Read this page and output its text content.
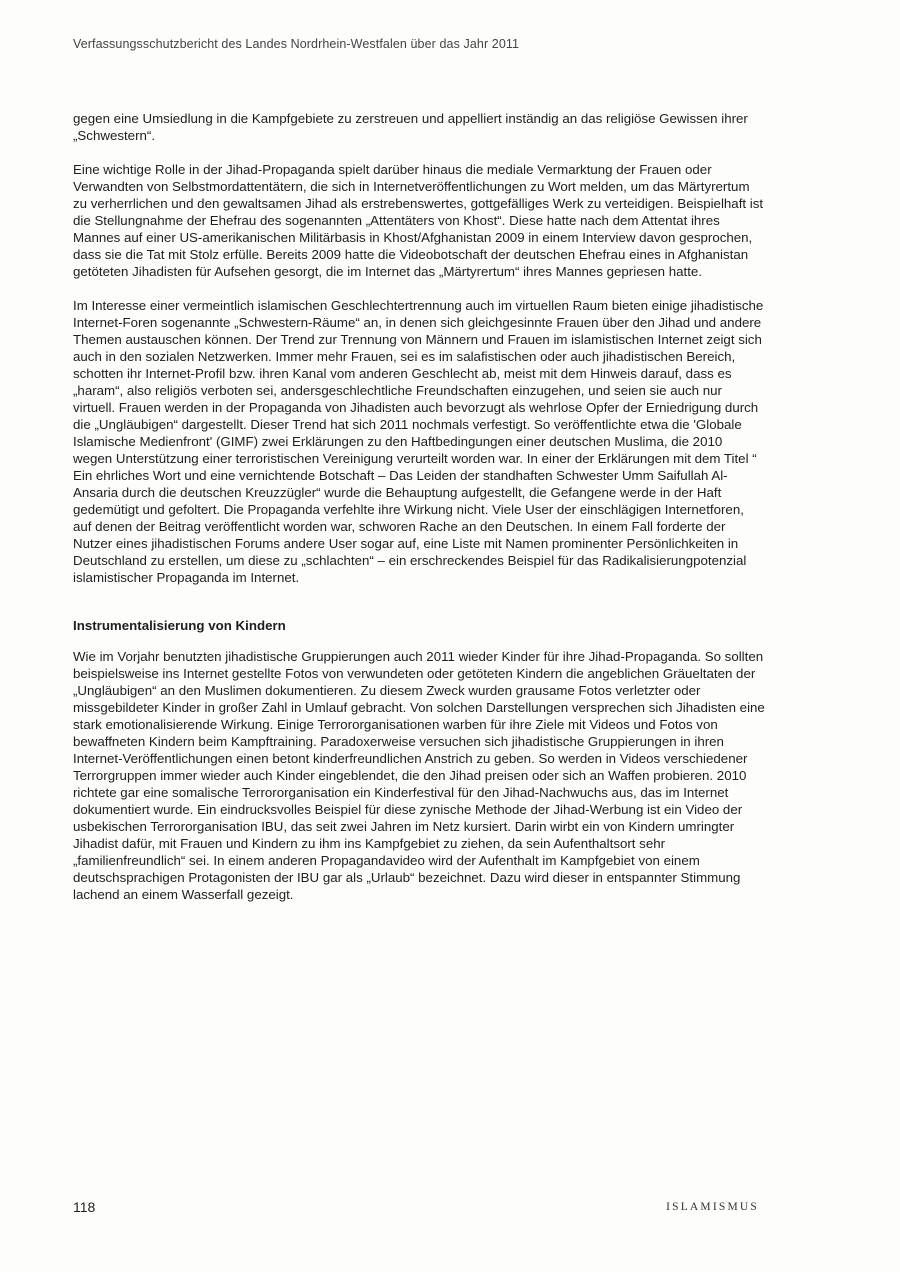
Verfassungsschutzbericht des Landes Nordrhein-Westfalen über das Jahr 2011

gegen eine Umsiedlung in die Kampfgebiete zu zerstreuen und appelliert inständig an das religiöse Gewissen ihrer „Schwestern“.

Eine wichtige Rolle in der Jihad-Propaganda spielt darüber hinaus die mediale Vermarktung der Frauen oder Verwandten von Selbstmordattentätern, die sich in Internetveröffentlichungen zu Wort melden, um das Märtyrertum zu verherrlichen und den gewaltsamen Jihad als erstrebenswertes, gottgefälliges Werk zu verteidigen. Beispielhaft ist die Stellungnahme der Ehefrau des sogenannten „Attentäters von Khost“. Diese hatte nach dem Attentat ihres Mannes auf einer US-amerikanischen Militärbasis in Khost/Afghanistan 2009 in einem Interview davon gesprochen, dass sie die Tat mit Stolz erfülle. Bereits 2009 hatte die Videobotschaft der deutschen Ehefrau eines in Afghanistan getöteten Jihadisten für Aufsehen gesorgt, die im Internet das „Märtyrertum“ ihres Mannes gepriesen hatte.

Im Interesse einer vermeintlich islamischen Geschlechtertrennung auch im virtuellen Raum bieten einige jihadistische Internet-Foren sogenannte „Schwestern-Räume“ an, in denen sich gleichgesinnte Frauen über den Jihad und andere Themen austauschen können. Der Trend zur Trennung von Männern und Frauen im islamistischen Internet zeigt sich auch in den sozialen Netzwerken. Immer mehr Frauen, sei es im salafistischen oder auch jihadistischen Bereich, schotten ihr Internet-Profil bzw. ihren Kanal vom anderen Geschlecht ab, meist mit dem Hinweis darauf, dass es „haram“, also religiös verboten sei, andersgeschlechtliche Freundschaften einzugehen, und seien sie auch nur virtuell. Frauen werden in der Propaganda von Jihadisten auch bevorzugt als wehrlose Opfer der Erniedrigung durch die „Ungläubigen“ dargestellt. Dieser Trend hat sich 2011 nochmals verfestigt. So veröffentlichte etwa die 'Globale Islamische Medienfront' (GIMF) zwei Erklärungen zu den Haftbedingungen einer deutschen Muslima, die 2010 wegen Unterstützung einer terroristischen Vereinigung verurteilt worden war. In einer der Erklärungen mit dem Titel “ Ein ehrliches Wort und eine vernichtende Botschaft – Das Leiden der standhaften Schwester Umm Saifullah Al-Ansaria durch die deutschen Kreuzzügler“ wurde die Behauptung aufgestellt, die Gefangene werde in der Haft gedemütigt und gefoltert. Die Propaganda verfehlte ihre Wirkung nicht. Viele User der einschlägigen Internetforen, auf denen der Beitrag veröffentlicht worden war, schworen Rache an den Deutschen. In einem Fall forderte der Nutzer eines jihadistischen Forums andere User sogar auf, eine Liste mit Namen prominenter Persönlichkeiten in Deutschland zu erstellen, um diese zu „schlachten“ – ein erschreckendes Beispiel für das Radikalisierungpotenzial islamistischer Propaganda im Internet.

Instrumentalisierung von Kindern

Wie im Vorjahr benutzten jihadistische Gruppierungen auch 2011 wieder Kinder für ihre Jihad-Propaganda. So sollten beispielsweise ins Internet gestellte Fotos von verwundeten oder getöteten Kindern die angeblichen Gräueltaten der „Ungläubigen“ an den Muslimen dokumentieren. Zu diesem Zweck wurden grausame Fotos verletzter oder missgebildeter Kinder in großer Zahl in Umlauf gebracht. Von solchen Darstellungen versprechen sich Jihadisten eine stark emotionalisierende Wirkung. Einige Terrororganisationen warben für ihre Ziele mit Videos und Fotos von bewaffneten Kindern beim Kampftraining. Paradoxerweise versuchen sich jihadistische Gruppierungen in ihren Internet-Veröffentlichungen einen betont kinderfreundlichen Anstrich zu geben. So werden in Videos verschiedener Terrorgruppen immer wieder auch Kinder eingeblendet, die den Jihad preisen oder sich an Waffen probieren. 2010 richtete gar eine somalische Terrororganisation ein Kinderfestival für den Jihad-Nachwuchs aus, das im Internet dokumentiert wurde. Ein eindrucksvolles Beispiel für diese zynische Methode der Jihad-Werbung ist ein Video der usbekischen Terrororganisation IBU, das seit zwei Jahren im Netz kursiert. Darin wirbt ein von Kindern umringter Jihadist dafür, mit Frauen und Kindern zu ihm ins Kampfgebiet zu ziehen, da sein Aufenthaltsort sehr „familienfreundlich“ sei. In einem anderen Propagandavideo wird der Aufenthalt im Kampfgebiet von einem deutschsprachigen Protagonisten der IBU gar als „Urlaub“ bezeichnet. Dazu wird dieser in entspannter Stimmung lachend an einem Wasserfall gezeigt.

118	ISLAMISMUS
